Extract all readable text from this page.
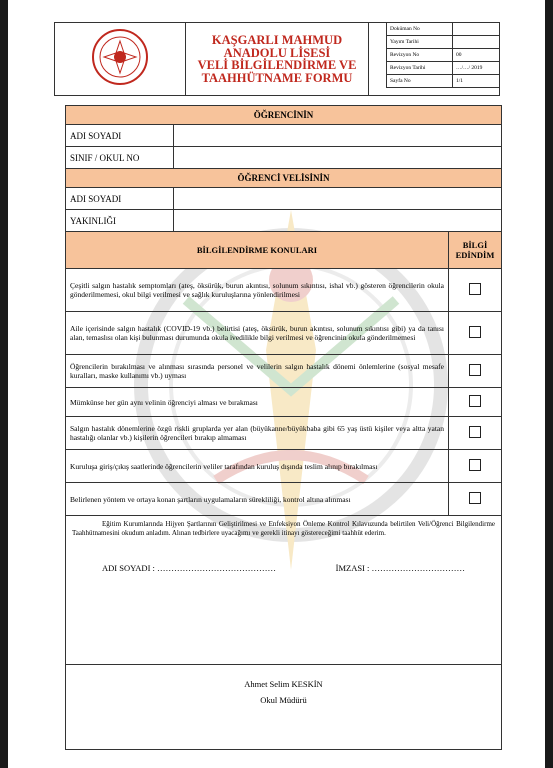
KAŞGARLI MAHMUD
ANADOLU LİSESİ
VELİ BİLGİLENDİRME VE
TAAHHÜTNAME FORMU

Doküman No	
Yayım Tarihi	
Revizyon No	00
Revizyon Tarihi	…/…/ 2019
Sayfa No	1/1
ÖĞRENCİNİN		
ADI SOYADI		
SINIF / OKUL NO		
ÖĞRENCİ VELİSİNİN		
ADI SOYADI		
YAKINLIĞI		
BİLGİLENDİRME KONULARI		BİLGİ
EDİNDİM

Çeşitli salgın hastalık semptomları (ateş, öksürük, burun akıntısı, solunum sıkıntısı, ishal vb.) gösteren öğrencilerin okula gönderilmemesi, okul bilgi verilmesi ve sağlık kuruluşlarına yönlendirilmesi		
Aile içerisinde salgın hastalık (COVID-19 vb.) belirtisi (ateş, öksürük, burun akıntısı, solunum sıkıntısı gibi) ya da tanısı alan, temaslısı olan kişi bulunması durumunda okula ivedilikle bilgi verilmesi ve öğrencinin okula gönderilmemesi		
Öğrencilerin bırakılması ve alınması sırasında personel ve velilerin salgın hastalık dönemi önlemlerine (sosyal mesafe kuralları, maske kullanımı vb.) uyması		
Mümkünse her gün aynı velinin öğrenciyi alması ve bırakması		
Salgın hastalık dönemlerine özgü riskli gruplarda yer alan (büyükanne/büyükbaba gibi 65 yaş üstü kişiler veya altta yatan hastalığı olanlar vb.) kişilerin öğrencileri bırakıp almaması		
Kuruluşa giriş/çıkış saatlerinde öğrencilerin veliler tarafından kuruluş dışında teslim alınıp bırakılması		
Belirlenen yöntem ve ortaya konan şartların uygulamaların sürekliliği, kontrol altına alınması		

Eğitim Kurumlarında Hijyen Şartlarının Geliştirilmesi ve Enfeksiyon Önleme Kontrol Kılavuzunda belirtilen Veli/Öğrenci Bilgilendirme Taahhütnamesini okudum anladım. Alınan tedbirlere uyacağımı ve gerekli itinayı göstereceğimi taahhüt ederim.
ADI SOYADI : …………………………………… İMZASI : ……………………………		

Ahmet Selim KESKİN
Okul Müdürü		
